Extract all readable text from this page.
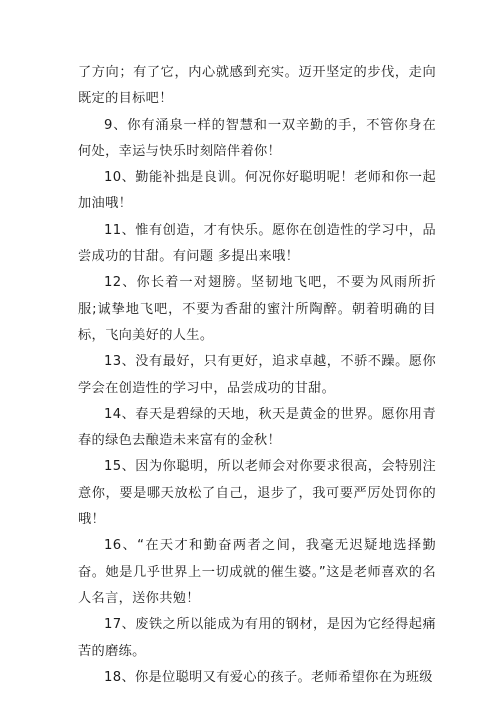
了方向；有了它，内心就感到充实。迈开坚定的步伐，走向既定的目标吧！

9、你有涌泉一样的智慧和一双辛勤的手，不管你身在何处，幸运与快乐时刻陪伴着你！

10、勤能补拙是良训。何况你好聪明呢！老师和你一起加油哦！

11、惟有创造，才有快乐。愿你在创造性的学习中，品尝成功的甘甜。有问题 多提出来哦！

12、你长着一对翅膀。坚韧地飞吧，不要为风雨所折服;诚挚地飞吧，不要为香甜的蜜汁所陶醉。朝着明确的目标，飞向美好的人生。

13、没有最好，只有更好，追求卓越，不骄不躁。愿你学会在创造性的学习中，品尝成功的甘甜。

14、春天是碧绿的天地，秋天是黄金的世界。愿你用青春的绿色去酿造未来富有的金秋！

15、因为你聪明，所以老师会对你要求很高，会特别注意你，要是哪天放松了自己，退步了，我可要严厉处罚你的哦！

16、“在天才和勤奋两者之间，我毫无迟疑地选择勤奋。她是几乎世界上一切成就的催生婆。”这是老师喜欢的名人名言，送你共勉！

17、废铁之所以能成为有用的钢材，是因为它经得起痛苦的磨练。

18、你是位聪明又有爱心的孩子。老师希望你在为班级
